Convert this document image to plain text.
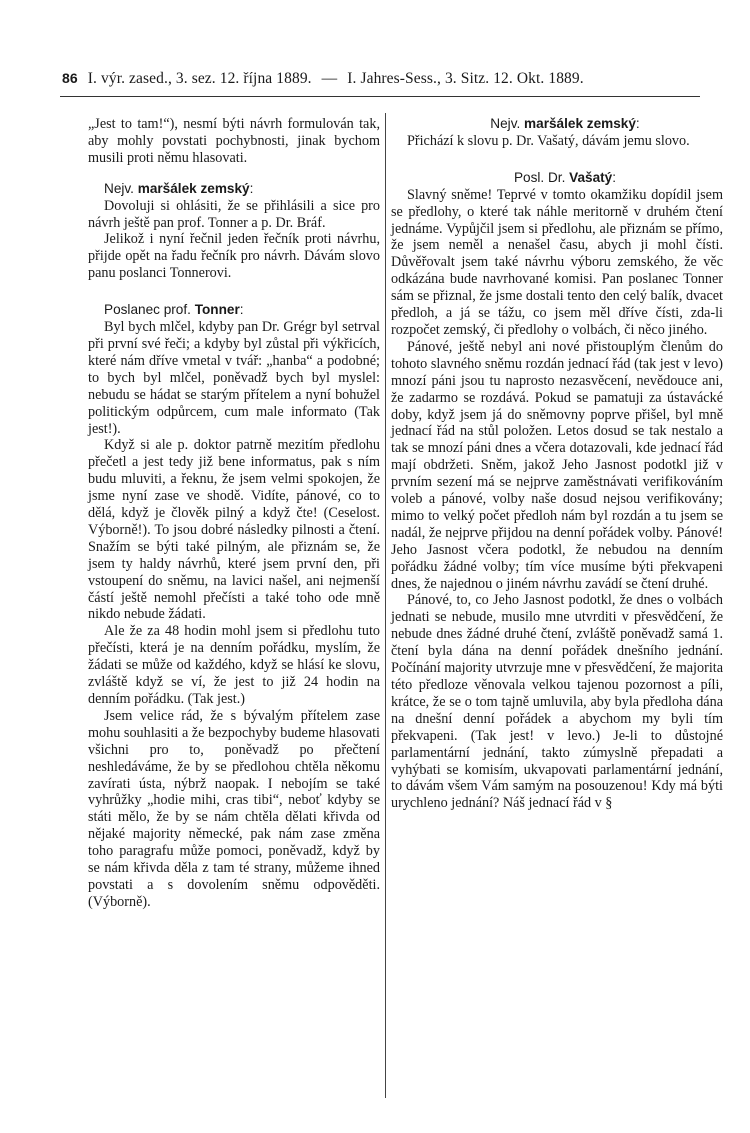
86 I. výr. zased., 3. sez. 12. října 1889. — I. Jahres-Sess., 3. Sitz. 12. Okt. 1889.

„Jest to tam!“), nesmí býti návrh formulován tak, aby mohly povstati pochybnosti, jinak bychom musili proti němu hlasovati.

Nejv. maršálek zemský:

Dovoluji si ohlásiti, že se přihlásili a sice pro návrh ještě pan prof. Tonner a p. Dr. Bráf.

Jelikož i nyní řečnil jeden řečník proti návrhu, přijde opět na řadu řečník pro návrh. Dávám slovo panu poslanci Tonnerovi.

Poslanec prof. Tonner:

Byl bych mlčel, kdyby pan Dr. Grégr byl setrval při první své řeči; a kdyby byl zůstal při výkřicích, které nám dříve vmetal v tvář: „hanba“ a podobné; to bych byl mlčel, poněvadž bych byl myslel: nebudu se hádat se starým přítelem a nyní bohužel politickým odpůrcem, cum male informato (Tak jest!).

Když si ale p. doktor patrně mezitím předlohu přečetl a jest tedy již bene informatus, pak s ním budu mluviti, a řeknu, že jsem velmi spokojen, že jsme nyní zase ve shodě. Vidíte, pánové, co to dělá, když je člověk pilný a když čte! (Ceselost. Výborně!). To jsou dobré následky pilnosti a čtení. Snažím se býti také pilným, ale přiznám se, že jsem ty haldy návrhů, které jsem první den, při vstoupení do sněmu, na lavici našel, ani nejmenší částí ještě nemohl přečísti a také toho ode mně nikdo nebude žádati.

Ale že za 48 hodin mohl jsem si předlohu tuto přečísti, která je na denním pořádku, myslím, že žádati se může od každého, když se hlásí ke slovu, zvláště když se ví, že jest to již 24 hodin na denním pořádku. (Tak jest.)

Jsem velice rád, že s bývalým přítelem zase mohu souhlasiti a že bezpochyby budeme hlasovati všichni pro to, poněvadž po přečtení neshledáváme, že by se předlohou chtěla někomu zavírati ústa, nýbrž naopak. I nebojím se také vyhrůžky „hodie mihi, cras tibi“, neboť kdyby se státi mělo, že by se nám chtěla dělati křivda od nějaké majority německé, pak nám zase změna toho paragrafu může pomoci, poněvadž, když by se nám křivda děla z tam té strany, můžeme ihned povstati a s dovolením sněmu odpověděti. (Výborně).

Nejv. maršálek zemský:

Přichází k slovu p. Dr. Vašatý, dávám jemu slovo.

Posl. Dr. Vašatý:

Slavný sněme! Teprvé v tomto okamžiku dopídil jsem se předlohy, o které tak náhle meritorně v druhém čtení jednáme. Vypůjčil jsem si předlohu, ale přiznám se přímo, že jsem neměl a nenašel času, abych ji mohl čísti. Důvěřovalt jsem také návrhu výboru zemského, že věc odkázána bude navrhované komisi. Pan poslanec Tonner sám se přiznal, že jsme dostali tento den celý balík, dvacet předloh, a já se tážu, co jsem měl dříve čísti, zda-li rozpočet zemský, či předlohy o volbách, či něco jiného.

Pánové, ještě nebyl ani nové přistouplým členům do tohoto slavného sněmu rozdán jednací řád (tak jest v levo) mnozí páni jsou tu naprosto nezasvěcení, nevědouce ani, že zadarmo se rozdává. Pokud se pamatuji za ústavácké doby, když jsem já do sněmovny poprve přišel, byl mně jednací řád na stůl položen. Letos dosud se tak nestalo a tak se mnozí páni dnes a včera dotazovali, kde jednací řád mají obdržeti. Sněm, jakož Jeho Jasnost podotkl již v prvním sezení má se nejprve zaměstnávati verifikováním voleb a pánové, volby naše dosud nejsou verifikovány; mimo to velký počet předloh nám byl rozdán a tu jsem se nadál, že nejprve přijdou na denní pořádek volby. Pánové! Jeho Jasnost včera podotkl, že nebudou na denním pořádku žádné volby; tím více musíme býti překvapeni dnes, že najednou o jiném návrhu zavádí se čtení druhé.

Pánové, to, co Jeho Jasnost podotkl, že dnes o volbách jednati se nebude, musilo mne utvrditi v přesvědčení, že nebude dnes žádné druhé čtení, zvláště poněvadž samá 1. čtení byla dána na denní pořádek dnešního jednání. Počínání majority utvrzuje mne v přesvědčení, že majorita této předloze věnovala velkou tajenou pozornost a píli, krátce, že se o tom tajně umluvila, aby byla předloha dána na dnešní denní pořádek a abychom my byli tím překvapeni. (Tak jest! v levo.) Je-li to důstojné parlamentární jednání, takto zúmyslně přepadati a vyhýbati se komisím, ukvapovati parlamentární jednání, to dávám všem Vám samým na posouzenou! Kdy má býti urychleno jednání? Náš jednací řád v §
